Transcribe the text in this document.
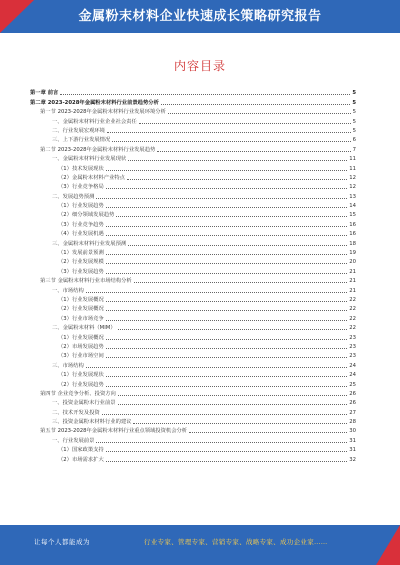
金属粉末材料企业快速成长策略研究报告
内容目录
第一章 前言	5
第二章 2023-2028年金属粉末材料行业前景趋势分析	5
第一节 2023-2028年金属粉末材料行业发展环境分析	5
一、金属粉末材料行业企业社会责任	5
二、行业发展宏观环境	5
三、上下游行业发展情况	6
第二节 2023-2028年金属粉末材料行业发展趋势	7
一、金属粉末材料行业发展现状	11
（1）技术发展现状	11
（2）金属粉末材料产业特点	12
（3）行业竞争格局	12
二、发展趋势预测	13
（1）行业发展趋势	14
（2）细分领域发展趋势	15
（3）行业竞争趋势	16
（4）行业发展机遇	16
三、金属粉末材料行业发展预测	18
（1）发展前景预测	19
（2）行业发展规模	20
（3）行业发展趋势	21
第三节 金属粉末材料行业市场结构分析	21
一、市场结构	21
（1）行业发展概况	22
（2）行业发展概况	22
（3）行业市场竞争	22
二、金属粉末材料（MIM）	22
（1）行业发展概况	23
（2）市场发展趋势	23
（3）行业市场空间	23
三、市场结构	24
（1）行业发展现状	24
（2）行业发展趋势	25
第四节 企业竞争分析、投资方向	26
一、投资金属粉末行业前景	26
二、技术开发及投资	27
三、投资金属粉末材料行业的建议	28
第五节 2023-2028年金属粉末材料行业重点领域投资机会分析	30
一、行业发展前景	31
（1）国家政策支持	31
（2）市场需求扩大	32
让每个人都能成为	行业专家、管理专家、营销专家、战略专家、成功企业家……
